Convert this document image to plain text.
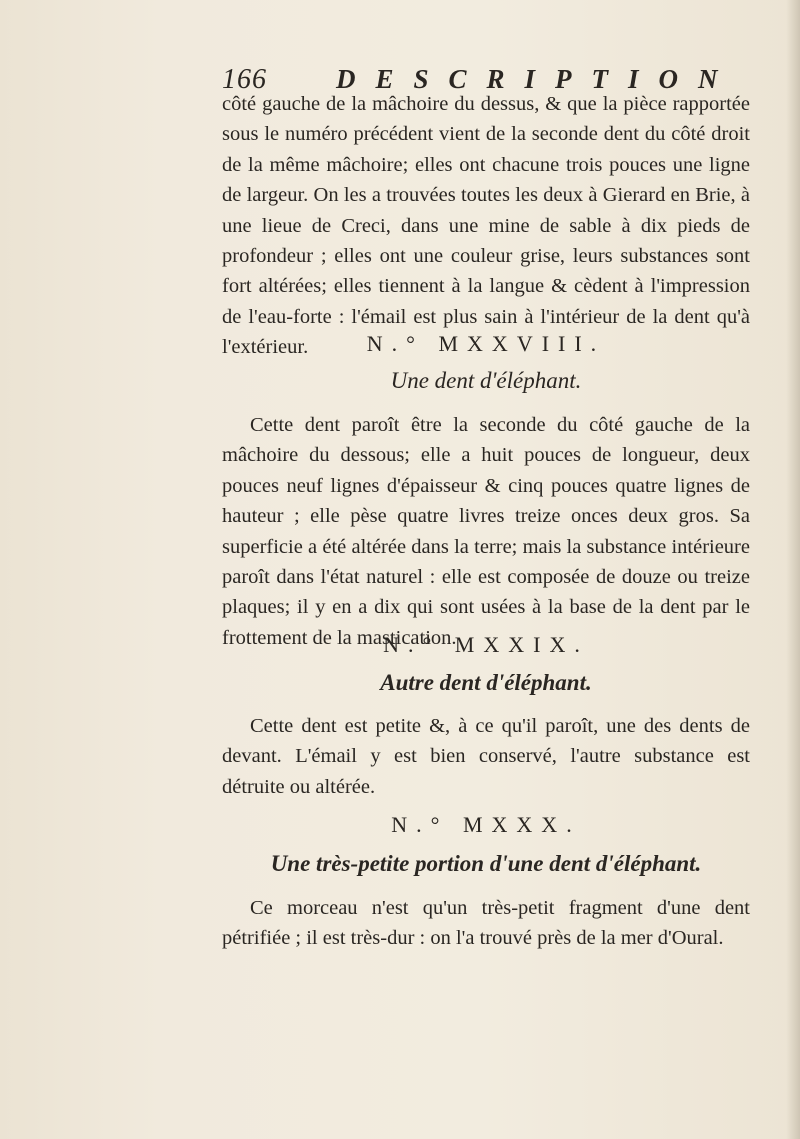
166	DESCRIPTION

côté gauche de la mâchoire du dessus, & que la pièce rapportée sous le numéro précédent vient de la seconde dent du côté droit de la même mâchoire; elles ont chacune trois pouces une ligne de largeur. On les a trouvées toutes les deux à Gierard en Brie, à une lieue de Creci, dans une mine de sable à dix pieds de profondeur ; elles ont une couleur grise, leurs substances sont fort altérées; elles tiennent à la langue & cèdent à l'impression de l'eau-forte : l'émail est plus sain à l'intérieur de la dent qu'à l'extérieur.	N.° MXXVIII.
Une dent d'éléphant.

Cette dent paroît être la seconde du côté gauche de la mâchoire du dessous; elle a huit pouces de longueur, deux pouces neuf lignes d'épaisseur & cinq pouces quatre lignes de hauteur ; elle pèse quatre livres treize onces deux gros. Sa superficie a été altérée dans la terre; mais la substance intérieure paroît dans l'état naturel : elle est composée de douze ou treize plaques; il y en a dix qui sont usées à la base de la dent par le frottement de la mastication.

N.° MXXIX.
Autre dent d'éléphant.

Cette dent est petite &, à ce qu'il paroît, une des dents de devant. L'émail y est bien conservé, l'autre substance est détruite ou altérée.

N.° MXXX.
Une très-petite portion d'une dent d'éléphant.

Ce morceau n'est qu'un très-petit fragment d'une dent pétrifiée ; il est très-dur : on l'a trouvé près de la mer d'Oural.
